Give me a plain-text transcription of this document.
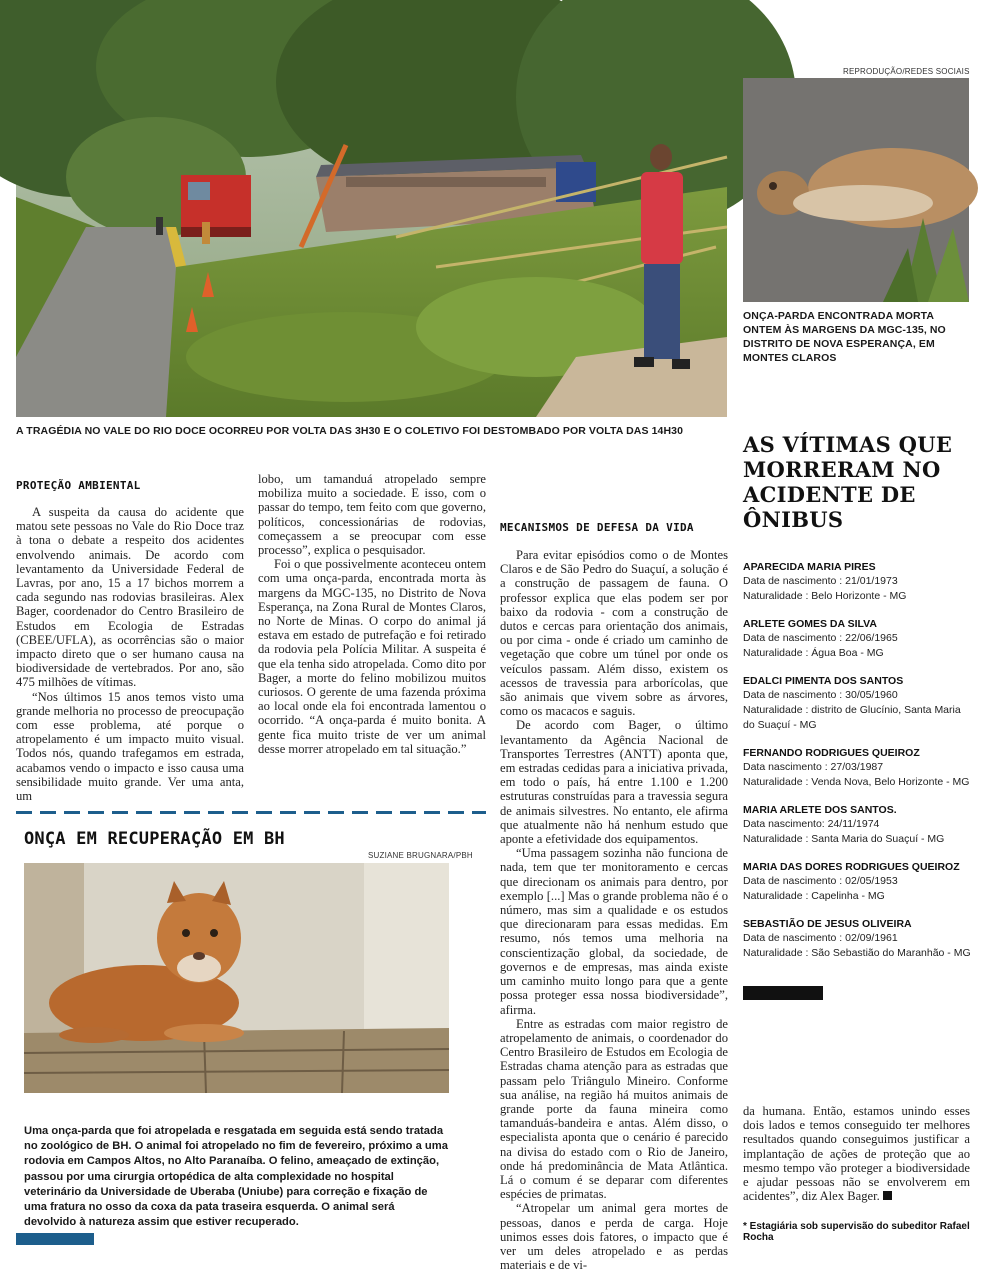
REPRODUÇÃO/REDES SOCIAIS
ONÇA-PARDA ENCONTRADA MORTA ONTEM ÀS MARGENS DA MGC-135, NO DISTRITO DE NOVA ESPERANÇA, EM MONTES CLAROS
A TRAGÉDIA NO VALE DO RIO DOCE OCORREU POR VOLTA DAS 3H30 E O COLETIVO FOI DESTOMBADO POR VOLTA DAS 14H30
PROTEÇÃO AMBIENTAL

A suspeita da causa do acidente que matou sete pessoas no Vale do Rio Doce traz à tona o debate a respeito dos acidentes envolvendo animais. De acordo com levantamento da Universidade Federal de Lavras, por ano, 15 a 17 bichos morrem a cada segundo nas rodovias brasileiras. Alex Bager, coordenador do Centro Brasileiro de Estudos em Ecologia de Estradas (CBEE/UFLA), as ocorrências são o maior impacto direto que o ser humano causa na biodiversidade de vertebrados. Por ano, são 475 milhões de vítimas.

“Nos últimos 15 anos temos visto uma grande melhoria no processo de preocupação com esse problema, até porque o atropelamento é um impacto muito visual. Todos nós, quando trafegamos em estrada, acabamos vendo o impacto e isso causa uma sensibilidade muito grande. Ver uma anta, um

lobo, um tamanduá atropelado sempre mobiliza muito a sociedade. E isso, com o passar do tempo, tem feito com que governo, políticos, concessionárias de rodovias, começassem a se preocupar com esse processo”, explica o pesquisador.

Foi o que possivelmente aconteceu ontem com uma onça-parda, encontrada morta às margens da MGC-135, no Distrito de Nova Esperança, na Zona Rural de Montes Claros, no Norte de Minas. O corpo do animal já estava em estado de putrefação e foi retirado da rodovia pela Polícia Militar. A suspeita é que ela tenha sido atropelada. Como dito por Bager, a morte do felino mobilizou muitos curiosos. O gerente de uma fazenda próxima ao local onde ela foi encontrada lamentou o ocorrido. “A onça-parda é muito bonita. A gente fica muito triste de ver um animal desse morrer atropelado em tal situação.”

MECANISMOS DE DEFESA DA VIDA

Para evitar episódios como o de Montes Claros e de São Pedro do Suaçuí, a solução é a construção de passagem de fauna. O professor explica que elas podem ser por baixo da rodovia - com a construção de dutos e cercas para orientação dos animais, ou por cima - onde é criado um caminho de vegetação que cobre um túnel por onde os veículos passam. Além disso, existem os acessos de travessia para arborícolas, que são animais que vivem sobre as árvores, como os macacos e saguis.

De acordo com Bager, o último levantamento da Agência Nacional de Transportes Terrestres (ANTT) aponta que, em estradas cedidas para a iniciativa privada, em todo o país, há entre 1.100 e 1.200 estruturas construídas para a travessia segura de animais silvestres. No entanto, ele afirma que atualmente não há nenhum estudo que aponte a efetividade dos equipamentos.

“Uma passagem sozinha não funciona de nada, tem que ter monitoramento e cercas que direcionam os animais para dentro, por exemplo [...] Mas o grande problema não é o número, mas sim a qualidade e os estudos que direcionaram para essas medidas. Em resumo, nós temos uma melhoria na conscientização global, da sociedade, de governos e de empresas, mas ainda existe um caminho muito longo para que a gente possa proteger essa nossa biodiversidade”, afirma.

Entre as estradas com maior registro de atropelamento de animais, o coordenador do Centro Brasileiro de Estudos em Ecologia de Estradas chama atenção para as estradas que passam pelo Triângulo Mineiro. Conforme sua análise, na região há muitos animais de grande porte da fauna mineira como tamanduás-bandeira e antas. Além disso, o especialista aponta que o cenário é parecido na divisa do estado com o Rio de Janeiro, onde há predominância de Mata Atlântica. Lá o comum é se deparar com diferentes espécies de primatas.

“Atropelar um animal gera mortes de pessoas, danos e perda de carga. Hoje unimos esses dois fatores, o impacto que é ver um deles atropelado e as perdas materiais e de vi-

AS VÍTIMAS QUE MORRERAM NO ACIDENTE DE ÔNIBUS
APARECIDA MARIA PIRES
Data de nascimento : 21/01/1973
Naturalidade : Belo Horizonte - MG
ARLETE GOMES DA SILVA
Data de nascimento : 22/06/1965
Naturalidade : Água Boa - MG
EDALCI PIMENTA DOS SANTOS
Data de nascimento : 30/05/1960
Naturalidade : distrito de Glucínio, Santa Maria do Suaçuí - MG
FERNANDO RODRIGUES QUEIROZ
Data nascimento : 27/03/1987
Naturalidade : Venda Nova, Belo Horizonte - MG
MARIA ARLETE DOS SANTOS.
Data nascimento: 24/11/1974
Naturalidade : Santa Maria do Suaçuí - MG
MARIA DAS DORES RODRIGUES QUEIROZ
Data de nascimento : 02/05/1953
Naturalidade : Capelinha - MG
SEBASTIÃO DE JESUS OLIVEIRA
Data de nascimento : 02/09/1961
Naturalidade : São Sebastião do Maranhão - MG

da humana. Então, estamos unindo esses dois lados e temos conseguido ter melhores resultados quando conseguimos justificar a implantação de ações de proteção que ao mesmo tempo vão proteger a biodiversidade e ajudar pessoas não se envolverem em acidentes”, diz Alex Bager.

* Estagiária sob supervisão do subeditor Rafael Rocha
ONÇA EM RECUPERAÇÃO EM BH
SUZIANE BRUGNARA/PBH
Uma onça-parda que foi atropelada e resgatada em seguida está sendo tratada no zoológico de BH. O animal foi atropelado no fim de fevereiro, próximo a uma rodovia em Campos Altos, no Alto Paranaíba. O felino, ameaçado de extinção, passou por uma cirurgia ortopédica de alta complexidade no hospital veterinário da Universidade de Uberaba (Uniube) para correção e fixação de uma fratura no osso da coxa da pata traseira esquerda. O animal será devolvido à natureza assim que estiver recuperado.
